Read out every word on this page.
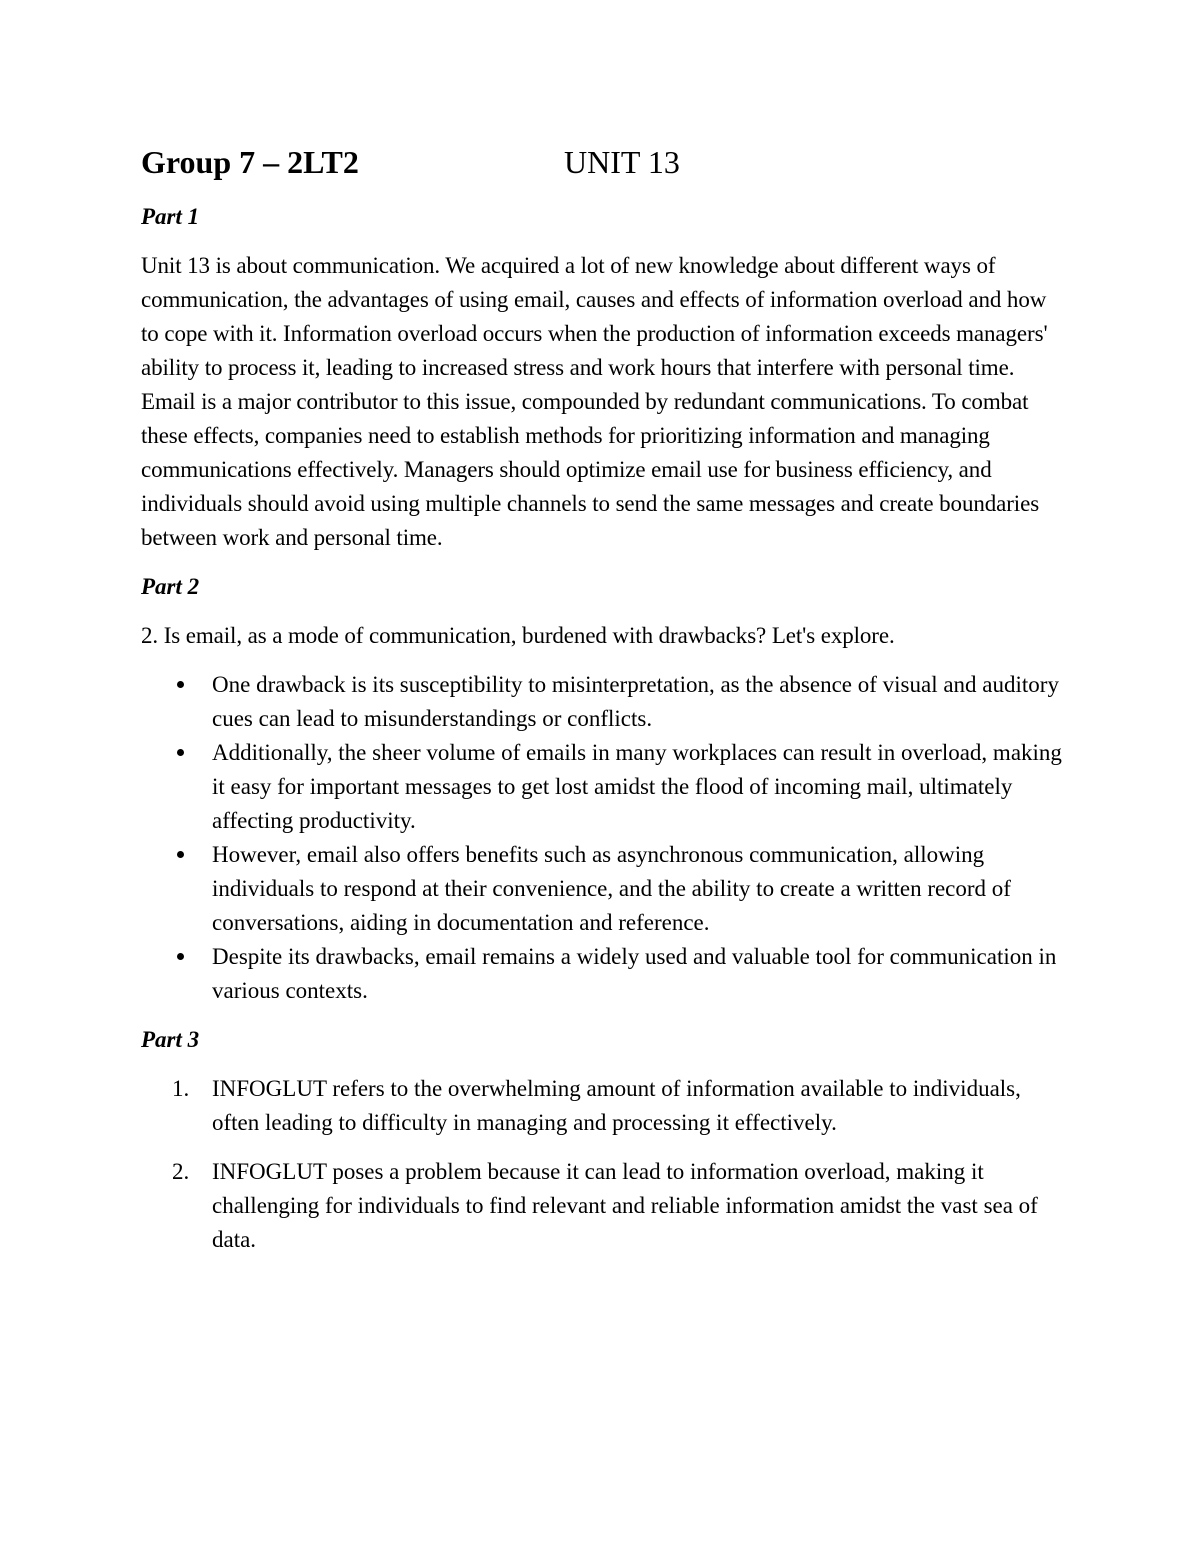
Group 7 – 2LT2	UNIT 13
Part 1

Unit 13 is about communication. We acquired a lot of new knowledge about different ways of communication, the advantages of using email, causes and effects of information overload and how to cope with it. Information overload occurs when the production of information exceeds managers' ability to process it, leading to increased stress and work hours that interfere with personal time. Email is a major contributor to this issue, compounded by redundant communications. To combat these effects, companies need to establish methods for prioritizing information and managing communications effectively. Managers should optimize email use for business efficiency, and individuals should avoid using multiple channels to send the same messages and create boundaries between work and personal time.

Part 2

2. Is email, as a mode of communication, burdened with drawbacks? Let's explore.

One drawback is its susceptibility to misinterpretation, as the absence of visual and auditory cues can lead to misunderstandings or conflicts.
Additionally, the sheer volume of emails in many workplaces can result in overload, making it easy for important messages to get lost amidst the flood of incoming mail, ultimately affecting productivity.
However, email also offers benefits such as asynchronous communication, allowing individuals to respond at their convenience, and the ability to create a written record of conversations, aiding in documentation and reference.
Despite its drawbacks, email remains a widely used and valuable tool for communication in various contexts.
Part 3
1. INFOGLUT refers to the overwhelming amount of information available to individuals, often leading to difficulty in managing and processing it effectively.
2. INFOGLUT poses a problem because it can lead to information overload, making it challenging for individuals to find relevant and reliable information amidst the vast sea of data.
